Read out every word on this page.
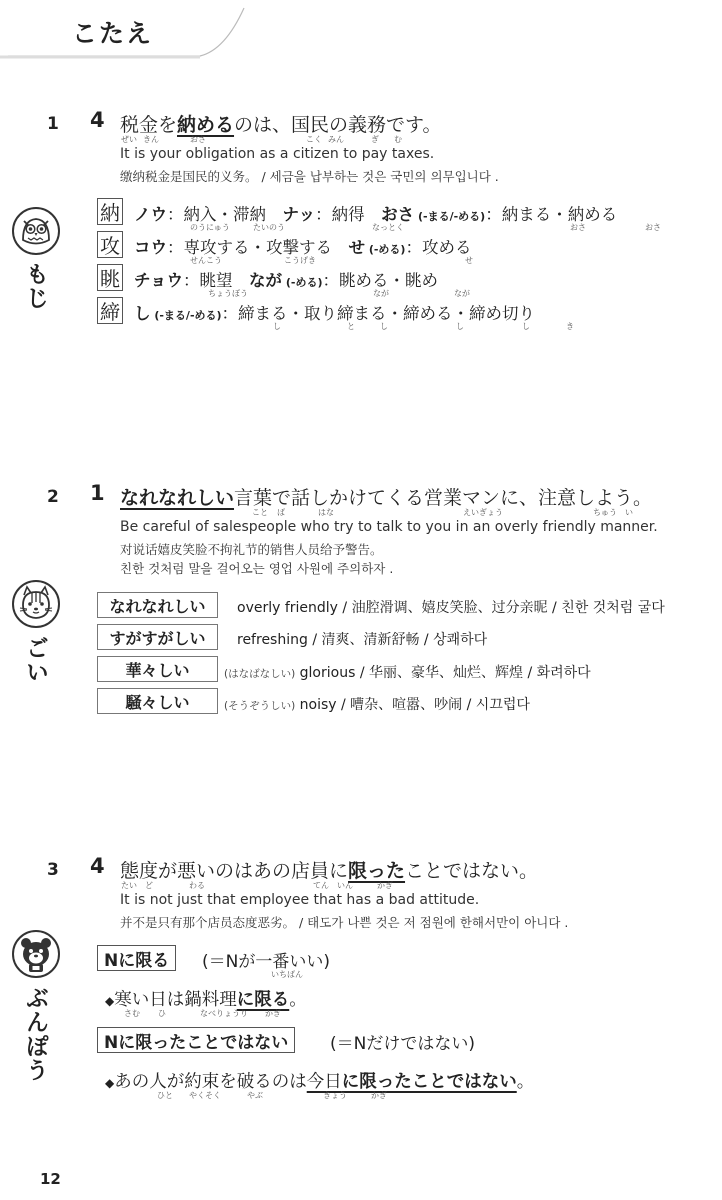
こたえ
1 4 税金を納めるのは、国民の義務です。
ぜい きん	おさ	こく みん	ぎ む
It is your obligation as a citizen to pay taxes.
缴纳税金是国民的义务。 / 세금을 납부하는 것은 국민의 의무입니다 .
もじ
納 ノウ：納入・滞納　ナッ：納得　おさ (-まる/-める)：納まる・納める
のうにゅう	たいのう	なっとく	おさ	おさ
攻 コウ：専攻する・攻撃する　せ (-める)：攻める
せんこう	こうげき	せ
眺 チョウ：眺望　なが (-める)：眺める・眺め
ちょうぼう	なが	なが
締 し (-まる/-める)：締まる・取り締まる・締める・締め切り
し	と	し	し	し	き
2 1 なれなれしい言葉で話しかけてくる営業マンに、注意しよう。
こと ば	はな	えいぎょう	ちゅう　い
Be careful of salespeople who try to talk to you in an overly friendly manner.
对说话嬉皮笑脸不拘礼节的销售人员给予警告。
친한 것처럼 말을 걸어오는 영업 사원에 주의하자 .
ごい
なれなれしい	overly friendly / 油腔滑调、嬉皮笑脸、过分亲昵 / 친한 것처럼 굴다
すがすがしい	refreshing / 清爽、清新舒畅 / 상쾌하다
華々しい	(はなばなしい) glorious / 华丽、豪华、灿烂、辉煌 / 화려하다
騒々しい	(そうぞうしい) noisy / 嘈杂、喧嚣、吵闹 / 시끄럽다
3 4 態度が悪いのはあの店員に限ったことではない。
たい ど	わる	てん　いん	かぎ
It is not just that employee that has a bad attitude.
并不是只有那个店员态度恶劣。 / 태도가 나쁜 것은 저 점원에 한해서만이 아니다 .
ぶんぽう
Nに限る	(＝Nが一番いい)
いちばん
◆寒い日は鍋料理に限る。
さむ ひ	なべりょうり かぎ
Nに限ったことではない	(＝Nだけではない)
◆あの人が約束を破るのは今日に限ったことではない。
ひと やくそく	やぶ	きょう	かぎ
12
